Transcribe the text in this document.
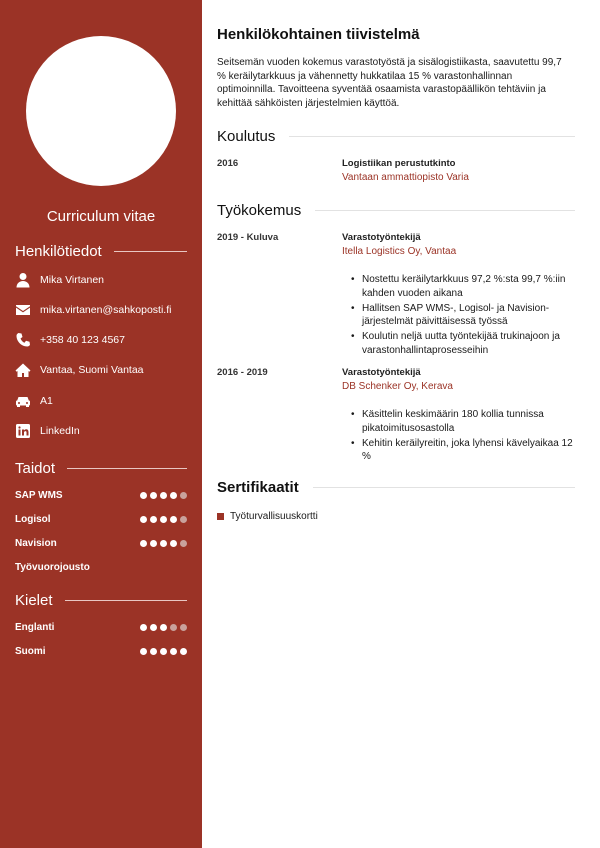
Curriculum vitae
Henkilötiedot
Mika Virtanen
mika.virtanen@sahkoposti.fi
+358 40 123 4567
Vantaa, Suomi Vantaa
A1
LinkedIn
Taidot
SAP WMS
Logisol
Navision
Työvuorojousto
Kielet
Englanti
Suomi
Henkilökohtainen tiivistelmä
Seitsemän vuoden kokemus varastotyöstä ja sisälogistiikasta, saavutettu 99,7 % keräilytarkkuus ja vähennetty hukkatilaa 15 % varastonhallinnan optimoinnilla. Tavoitteena syventää osaamista varastopäällikön tehtäviin ja kehittää sähköisten järjestelmien käyttöä.
Koulutus
2016	Logistiikan perustutkinto
Vantaan ammattiopisto Varia
Työkokemus
2019 - Kuluva	Varastotyöntekijä
Itella Logistics Oy, Vantaa
• Nostettu keräilytarkkuus 97,2 %:sta 99,7 %:iin kahden vuoden aikana
• Hallitsen SAP WMS-, Logisol- ja Navision-järjestelmät päivittäisessä työssä
• Koulutin neljä uutta työntekijää trukinajoon ja varastonhallintaprosesseihin
2016 - 2019	Varastotyöntekijä
DB Schenker Oy, Kerava
• Käsittelin keskimäärin 180 kollia tunnissa pikatoimitusosastolla
• Kehitin keräilyreitin, joka lyhensi kävelyaikaa 12 %
Sertifikaatit
Työturvallisuuskortti
